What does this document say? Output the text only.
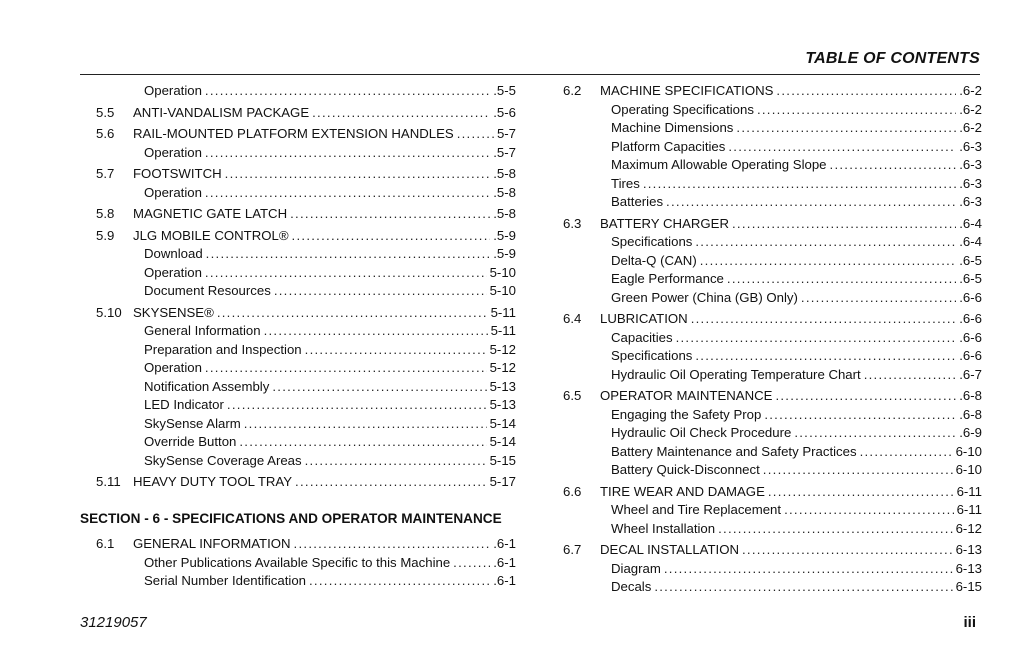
TABLE OF CONTENTS
Operation . . .	.5-5
5.5	ANTI-VANDALISM PACKAGE . . .	.5-6
5.6	RAIL-MOUNTED PLATFORM EXTENSION HANDLES . . .	5-7
Operation . . .	.5-7
5.7	FOOTSWITCH . . .	.5-8
Operation . . .	.5-8
5.8	MAGNETIC GATE LATCH . . .	.5-8
5.9	JLG MOBILE CONTROL® . . .	.5-9
Download . . .	.5-9
Operation . . .	5-10
Document Resources . . .	5-10
5.10 SKYSENSE® . . .	5-11
General Information . . .	5-11
Preparation and Inspection . . .	5-12
Operation . . .	5-12
Notification Assembly . . .	5-13
LED Indicator . . .	5-13
SkySense Alarm . . .	5-14
Override Button . . .	5-14
SkySense Coverage Areas . . .	5-15
5.11 HEAVY DUTY TOOL TRAY . . .	5-17
6.1	GENERAL INFORMATION . . .	.6-1
Other Publications Available Specific to this Machine . . .	.6-1
Serial Number Identification . . .	.6-1
SECTION - 6 - SPECIFICATIONS AND OPERATOR MAINTENANCE
6.2	MACHINE SPECIFICATIONS . . .	.6-2
Operating Specifications . . .	.6-2
Machine Dimensions . . .	.6-2
Platform Capacities . . .	.6-3
Maximum Allowable Operating Slope . . .	.6-3
Tires . . .	.6-3
Batteries . . .	.6-3
6.3	BATTERY CHARGER . . .	.6-4
Specifications . . .	.6-4
Delta-Q (CAN) . . .	.6-5
Eagle Performance . . .	.6-5
Green Power (China (GB) Only) . . .	.6-6
6.4	LUBRICATION . . .	.6-6
Capacities . . .	.6-6
Specifications . . .	.6-6
Hydraulic Oil Operating Temperature Chart . . .	.6-7
6.5	OPERATOR MAINTENANCE . . .	.6-8
Engaging the Safety Prop . . .	.6-8
Hydraulic Oil Check Procedure . . .	.6-9
Battery Maintenance and Safety Practices . . .	6-10
Battery Quick-Disconnect . . .	6-10
6.6	TIRE WEAR AND DAMAGE . . .	6-11
Wheel and Tire Replacement . . .	6-11
Wheel Installation . . .	6-12
6.7	DECAL INSTALLATION . . .	6-13
Diagram . . .	6-13
Decals . . .	6-15
31219057	iii
